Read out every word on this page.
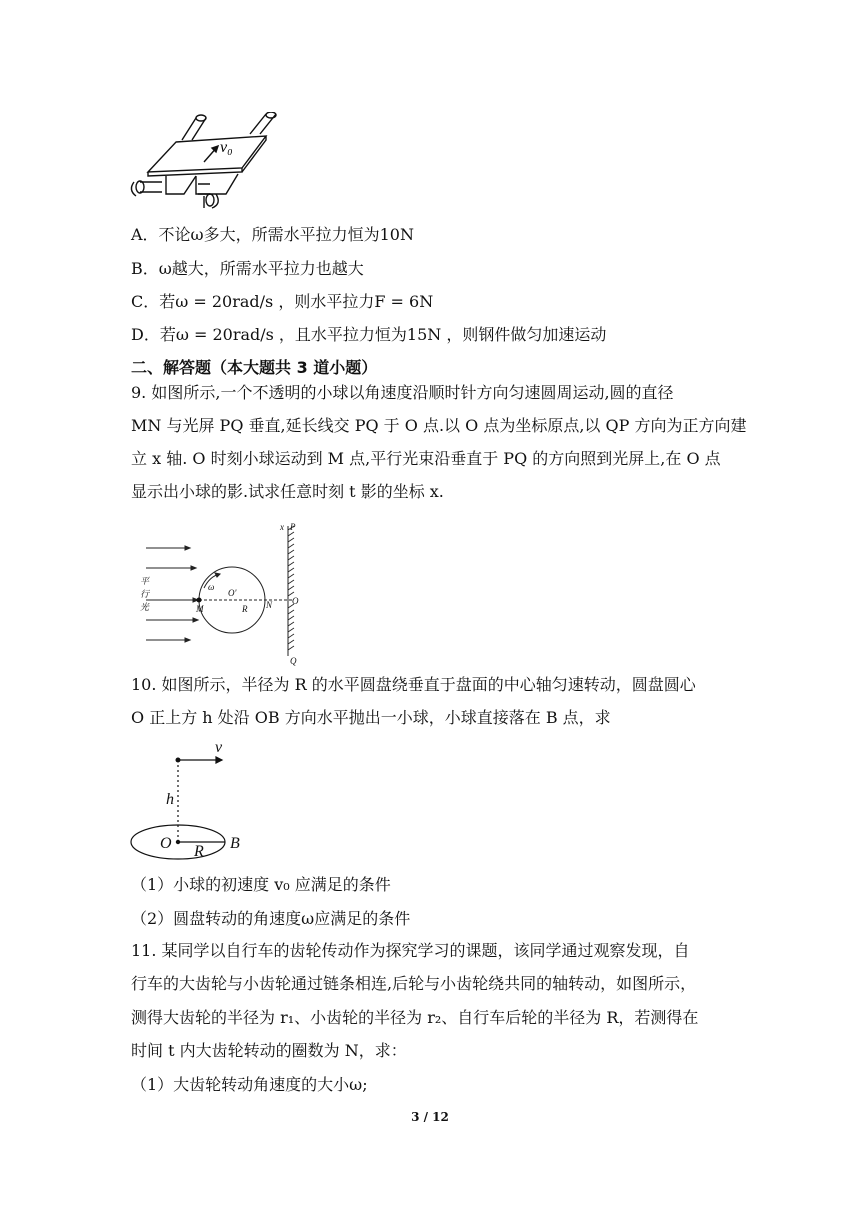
v₀
A．不论ω多大，所需水平拉力恒为10N
B．ω越大，所需水平拉力也越大
C．若ω = 20rad/s ，则水平拉力F = 6N
D．若ω = 20rad/s ，且水平拉力恒为15N ，则钢件做匀加速运动
二、解答题（本大题共 3 道小题）
9. 如图所示,一个不透明的小球以角速度沿顺时针方向匀速圆周运动,圆的直径
MN 与光屏 PQ 垂直,延长线交 PQ 于 O 点.以 O 点为坐标原点,以 QP 方向为正方向建
立 x 轴. O 时刻小球运动到 M 点,平行光束沿垂直于 PQ 的方向照到光屏上,在 O 点
显示出小球的影.试求任意时刻 t 影的坐标 x.
平
行
光
ω
O'
M	R N
x P
O
Q
10. 如图所示，半径为 R 的水平圆盘绕垂直于盘面的中心轴匀速转动，圆盘圆心
O 正上方 h 处沿 OB 方向水平抛出一小球，小球直接落在 B 点，求
v
h
O R B
（1）小球的初速度 v₀ 应满足的条件
（2）圆盘转动的角速度ω应满足的条件
11. 某同学以自行车的齿轮传动作为探究学习的课题，该同学通过观察发现，自
行车的大齿轮与小齿轮通过链条相连,后轮与小齿轮绕共同的轴转动，如图所示，
测得大齿轮的半径为 r₁、小齿轮的半径为 r₂、自行车后轮的半径为 R，若测得在
时间 t 内大齿轮转动的圈数为 N，求：
（1）大齿轮转动角速度的大小ω;
3 / 12
